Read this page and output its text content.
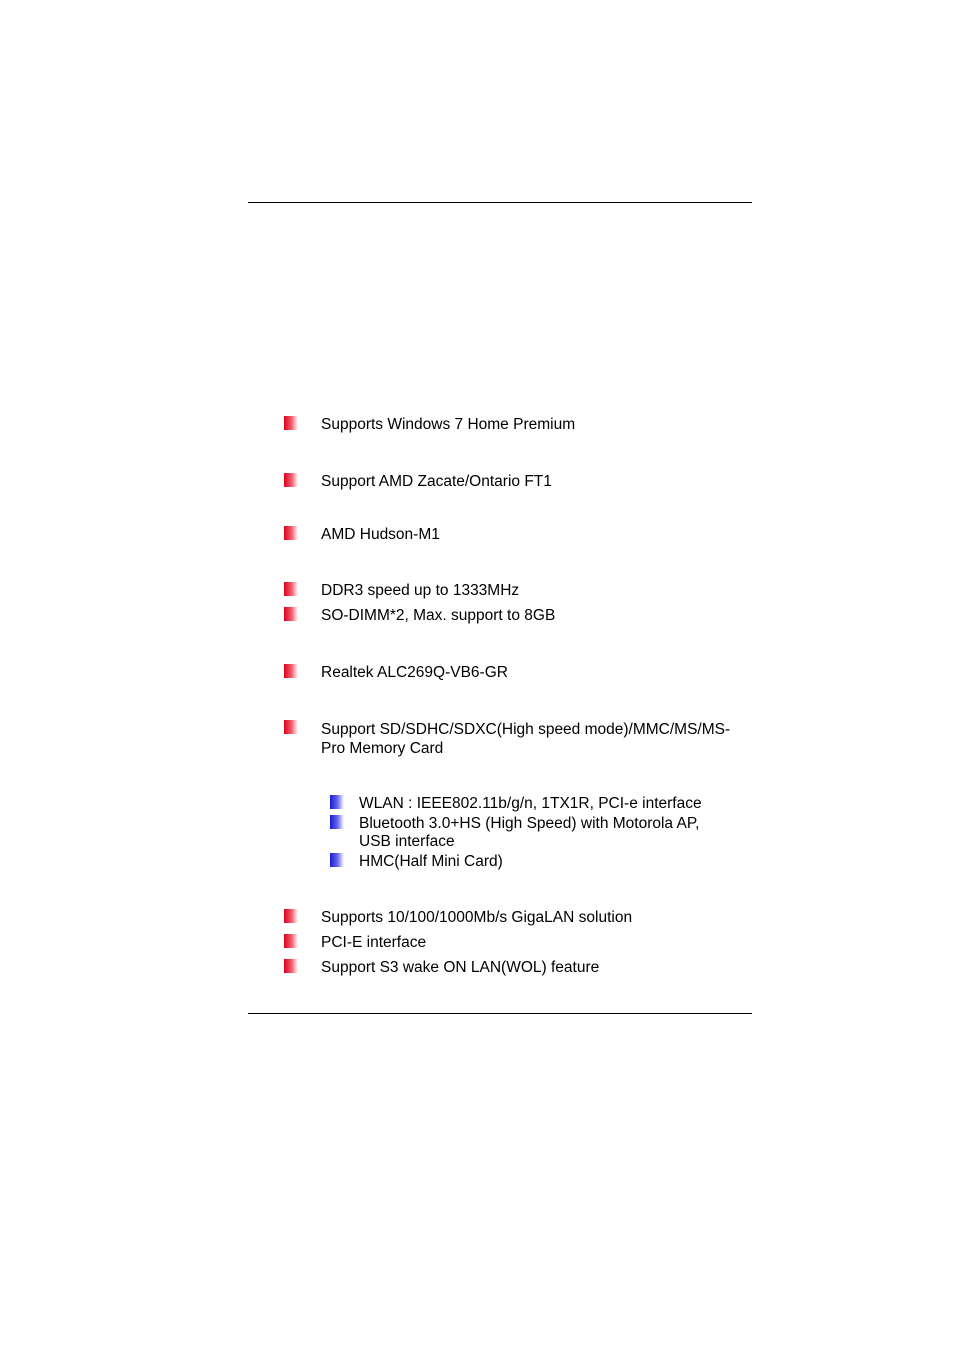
Supports Windows 7 Home Premium
Support AMD Zacate/Ontario FT1
AMD Hudson-M1
DDR3 speed up to 1333MHz
SO-DIMM*2, Max. support to 8GB
Realtek ALC269Q-VB6-GR
Support SD/SDHC/SDXC(High speed mode)/MMC/MS/MS-Pro Memory Card
WLAN : IEEE802.11b/g/n, 1TX1R, PCI-e interface
Bluetooth 3.0+HS (High Speed) with Motorola AP, USB interface
HMC(Half Mini Card)
Supports 10/100/1000Mb/s GigaLAN solution
PCI-E interface
Support S3 wake ON LAN(WOL) feature
